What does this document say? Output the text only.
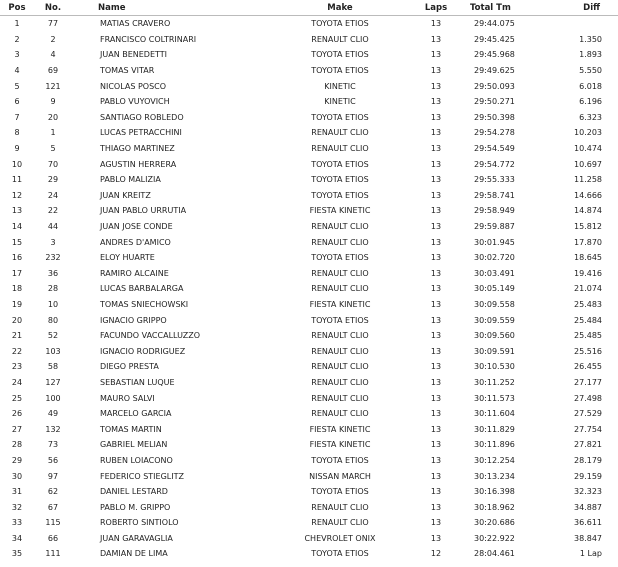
Pos	No.	Name	Make	Laps	Total Tm	Diff
1	77	MATIAS CRAVERO	TOYOTA ETIOS	13	29:44.075	
2	2	FRANCISCO COLTRINARI	RENAULT CLIO	13	29:45.425	1.350
3	4	JUAN BENEDETTI	TOYOTA ETIOS	13	29:45.968	1.893
4	69	TOMAS VITAR	TOYOTA ETIOS	13	29:49.625	5.550
5	121	NICOLAS POSCO	KINETIC	13	29:50.093	6.018
6	9	PABLO VUYOVICH	KINETIC	13	29:50.271	6.196
7	20	SANTIAGO ROBLEDO	TOYOTA ETIOS	13	29:50.398	6.323
8	1	LUCAS PETRACCHINI	RENAULT CLIO	13	29:54.278	10.203
9	5	THIAGO MARTINEZ	RENAULT CLIO	13	29:54.549	10.474
10	70	AGUSTIN HERRERA	TOYOTA ETIOS	13	29:54.772	10.697
11	29	PABLO MALIZIA	TOYOTA ETIOS	13	29:55.333	11.258
12	24	JUAN KREITZ	TOYOTA ETIOS	13	29:58.741	14.666
13	22	JUAN PABLO URRUTIA	FIESTA KINETIC	13	29:58.949	14.874
14	44	JUAN JOSE CONDE	RENAULT CLIO	13	29:59.887	15.812
15	3	ANDRES D'AMICO	RENAULT CLIO	13	30:01.945	17.870
16	232	ELOY HUARTE	TOYOTA ETIOS	13	30:02.720	18.645
17	36	RAMIRO ALCAINE	RENAULT CLIO	13	30:03.491	19.416
18	28	LUCAS BARBALARGA	RENAULT CLIO	13	30:05.149	21.074
19	10	TOMAS SNIECHOWSKI	FIESTA KINETIC	13	30:09.558	25.483
20	80	IGNACIO GRIPPO	TOYOTA ETIOS	13	30:09.559	25.484
21	52	FACUNDO VACCALLUZZO	RENAULT CLIO	13	30:09.560	25.485
22	103	IGNACIO RODRIGUEZ	RENAULT CLIO	13	30:09.591	25.516
23	58	DIEGO PRESTA	RENAULT CLIO	13	30:10.530	26.455
24	127	SEBASTIAN LUQUE	RENAULT CLIO	13	30:11.252	27.177
25	100	MAURO SALVI	RENAULT CLIO	13	30:11.573	27.498
26	49	MARCELO GARCIA	RENAULT CLIO	13	30:11.604	27.529
27	132	TOMAS MARTIN	FIESTA KINETIC	13	30:11.829	27.754
28	73	GABRIEL MELIAN	FIESTA KINETIC	13	30:11.896	27.821
29	56	RUBEN LOIACONO	TOYOTA ETIOS	13	30:12.254	28.179
30	97	FEDERICO STIEGLITZ	NISSAN MARCH	13	30:13.234	29.159
31	62	DANIEL LESTARD	TOYOTA ETIOS	13	30:16.398	32.323
32	67	PABLO M. GRIPPO	RENAULT CLIO	13	30:18.962	34.887
33	115	ROBERTO SINTIOLO	RENAULT CLIO	13	30:20.686	36.611
34	66	JUAN GARAVAGLIA	CHEVROLET ONIX	13	30:22.922	38.847
35	111	DAMIAN DE LIMA	TOYOTA ETIOS	12	28:04.461	1 Lap
